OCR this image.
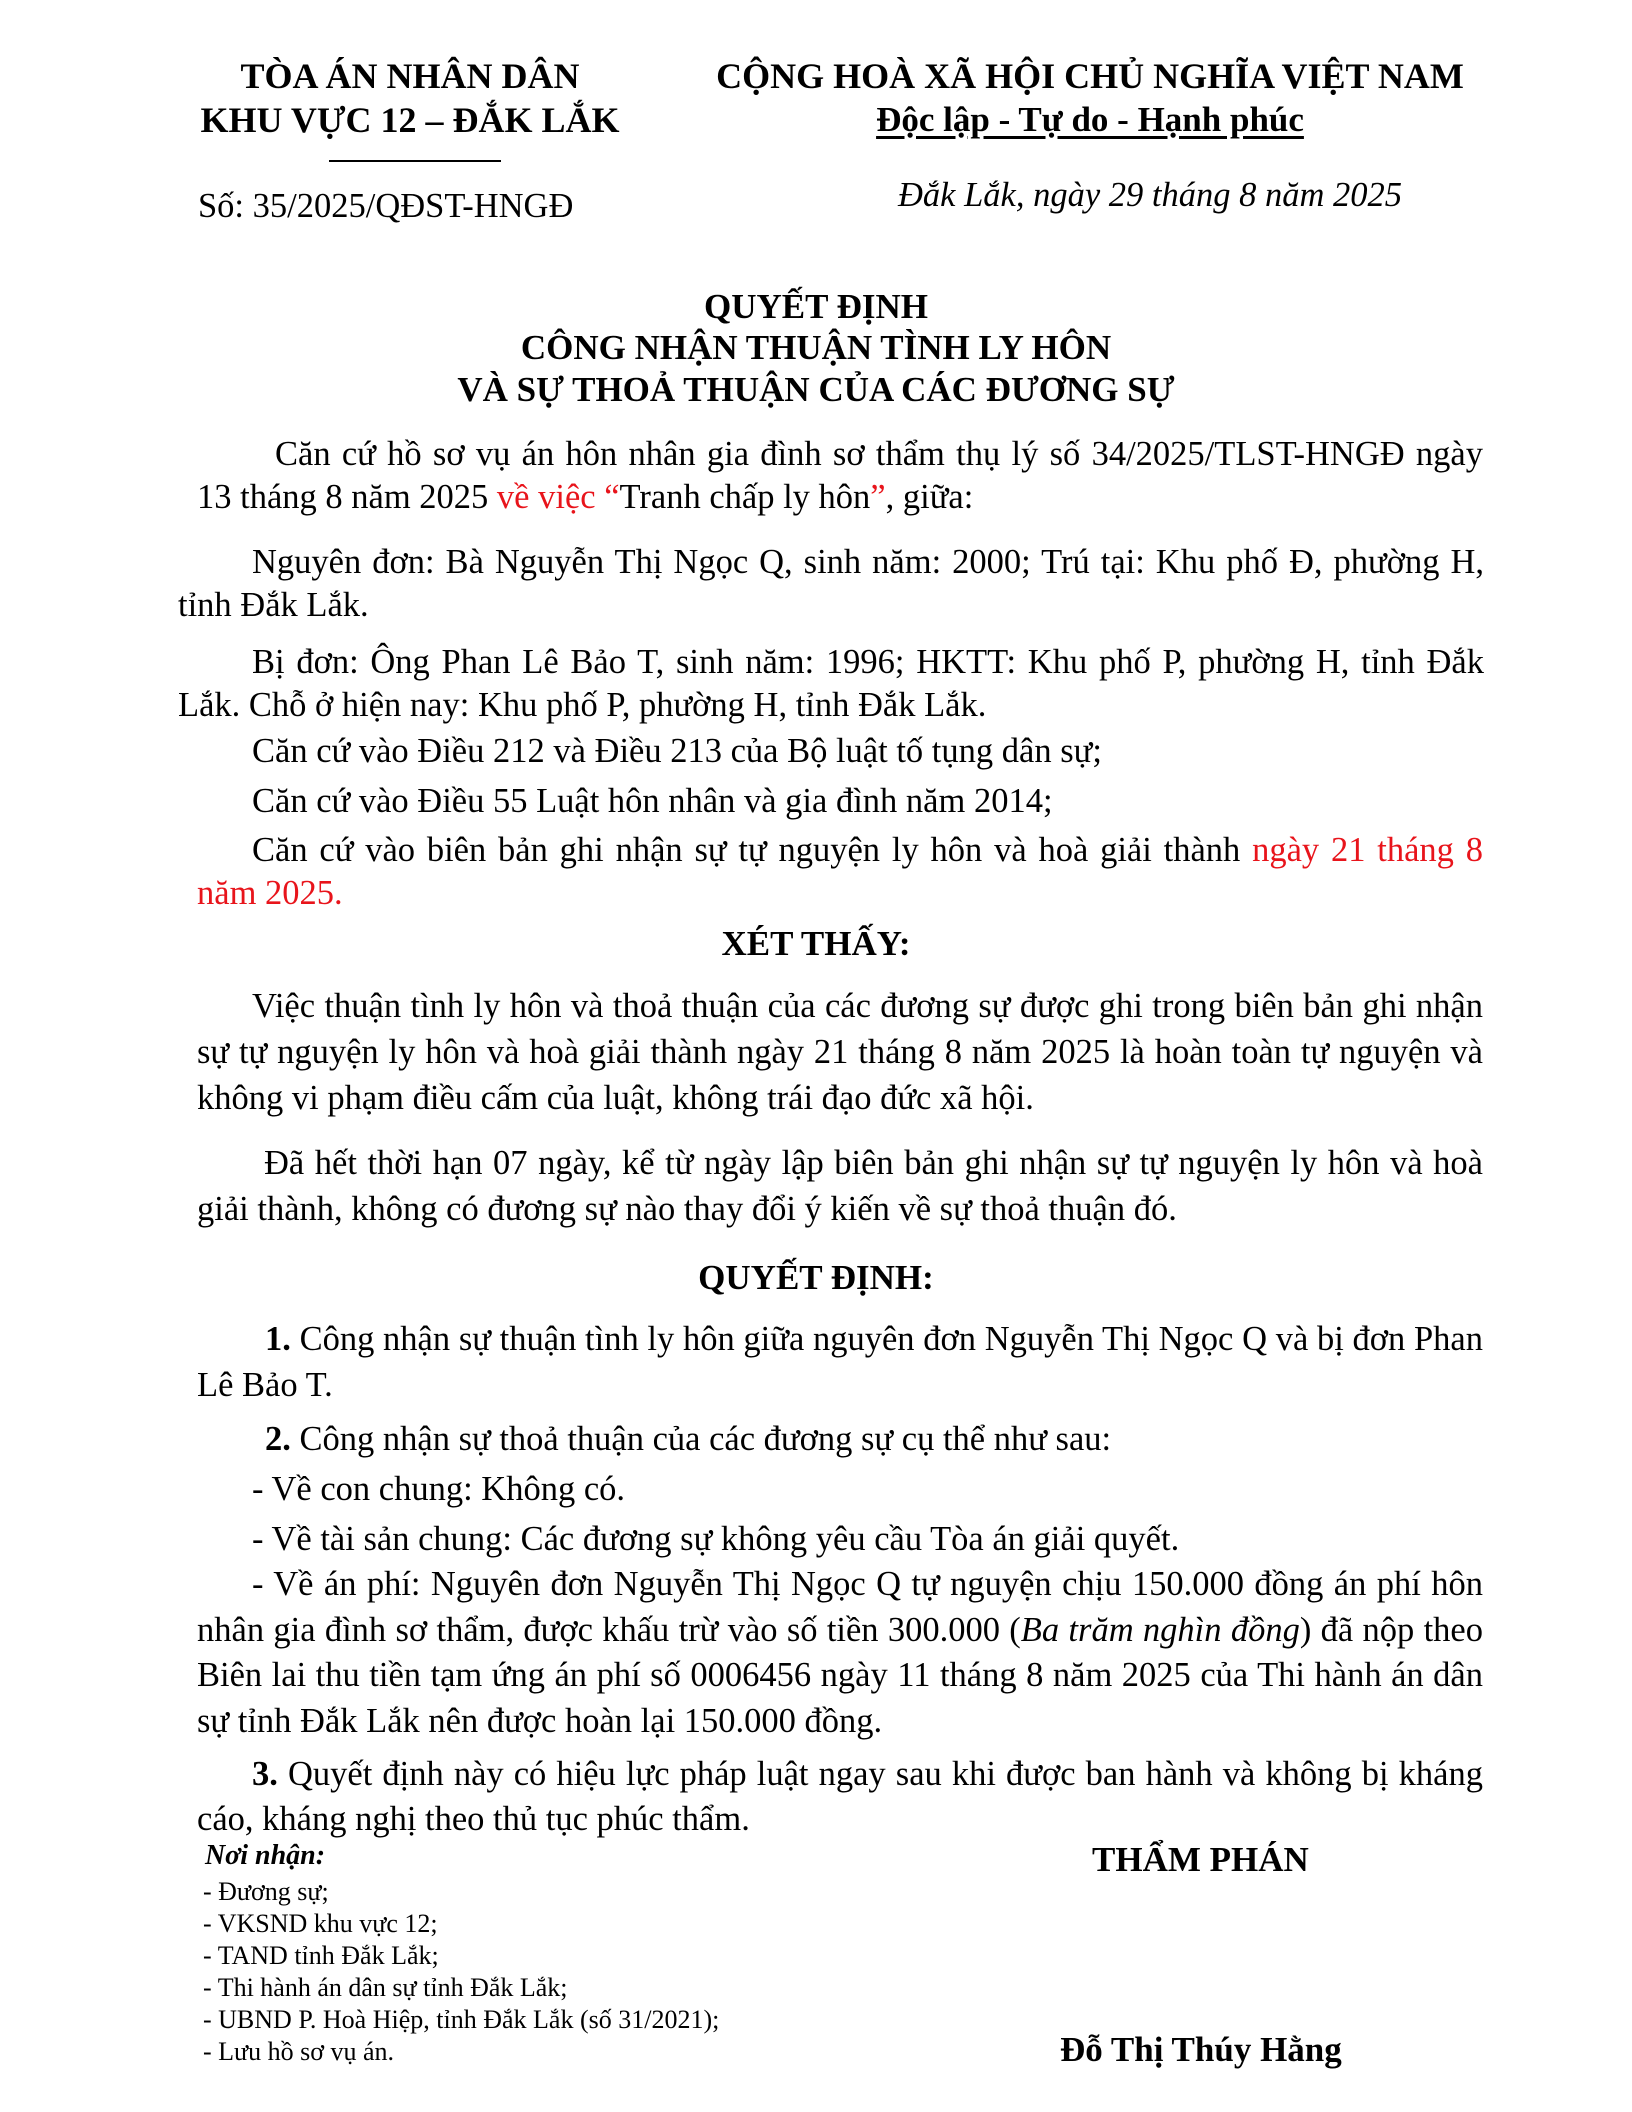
TÒA ÁN NHÂN DÂN
KHU VỰC 12 – ĐẮK LẮK
CỘNG HOÀ XÃ HỘI CHỦ NGHĨA VIỆT NAM
Độc lập - Tự do - Hạnh phúc
Số: 35/2025/QĐST-HNGĐ	Đắk Lắk, ngày 29 tháng 8 năm 2025
QUYẾT ĐỊNH
CÔNG NHẬN THUẬN TÌNH LY HÔN
VÀ SỰ THOẢ THUẬN CỦA CÁC ĐƯƠNG SỰ

Căn cứ hồ sơ vụ án hôn nhân gia đình sơ thẩm thụ lý số 34/2025/TLST-HNGĐ ngày 13 tháng 8 năm 2025 về việc “Tranh chấp ly hôn”, giữa:

Nguyên đơn: Bà Nguyễn Thị Ngọc Q, sinh năm: 2000; Trú tại: Khu phố Đ, phường H, tỉnh Đắk Lắk.

Bị đơn: Ông Phan Lê Bảo T, sinh năm: 1996; HKTT: Khu phố P, phường H, tỉnh Đắk Lắk. Chỗ ở hiện nay: Khu phố P, phường H, tỉnh Đắk Lắk.

Căn cứ vào Điều 212 và Điều 213 của Bộ luật tố tụng dân sự;
Căn cứ vào Điều 55 Luật hôn nhân và gia đình năm 2014;

Căn cứ vào biên bản ghi nhận sự tự nguyện ly hôn và hoà giải thành ngày 21 tháng 8 năm 2025.

XÉT THẤY:

Việc thuận tình ly hôn và thoả thuận của các đương sự được ghi trong biên bản ghi nhận sự tự nguyện ly hôn và hoà giải thành ngày 21 tháng 8 năm 2025 là hoàn toàn tự nguyện và không vi phạm điều cấm của luật, không trái đạo đức xã hội.

Đã hết thời hạn 07 ngày, kể từ ngày lập biên bản ghi nhận sự tự nguyện ly hôn và hoà giải thành, không có đương sự nào thay đổi ý kiến về sự thoả thuận đó.

QUYẾT ĐỊNH:

1. Công nhận sự thuận tình ly hôn giữa nguyên đơn Nguyễn Thị Ngọc Q và bị đơn Phan Lê Bảo T.

2. Công nhận sự thoả thuận của các đương sự cụ thể như sau:
- Về con chung: Không có.
- Về tài sản chung: Các đương sự không yêu cầu Tòa án giải quyết.

- Về án phí: Nguyên đơn Nguyễn Thị Ngọc Q tự nguyện chịu 150.000 đồng án phí hôn nhân gia đình sơ thẩm, được khấu trừ vào số tiền 300.000 (Ba trăm nghìn đồng) đã nộp theo Biên lai thu tiền tạm ứng án phí số 0006456 ngày 11 tháng 8 năm 2025 của Thi hành án dân sự tỉnh Đắk Lắk nên được hoàn lại 150.000 đồng.

3. Quyết định này có hiệu lực pháp luật ngay sau khi được ban hành và không bị kháng cáo, kháng nghị theo thủ tục phúc thẩm.

Nơi nhận:
- Đương sự;
- VKSND khu vực 12;
- TAND tỉnh Đắk Lắk;
- Thi hành án dân sự tỉnh Đắk Lắk;
- UBND P. Hoà Hiệp, tỉnh Đắk Lắk (số 31/2021);
- Lưu hồ sơ vụ án.
THẨM PHÁN
Đỗ Thị Thúy Hằng
